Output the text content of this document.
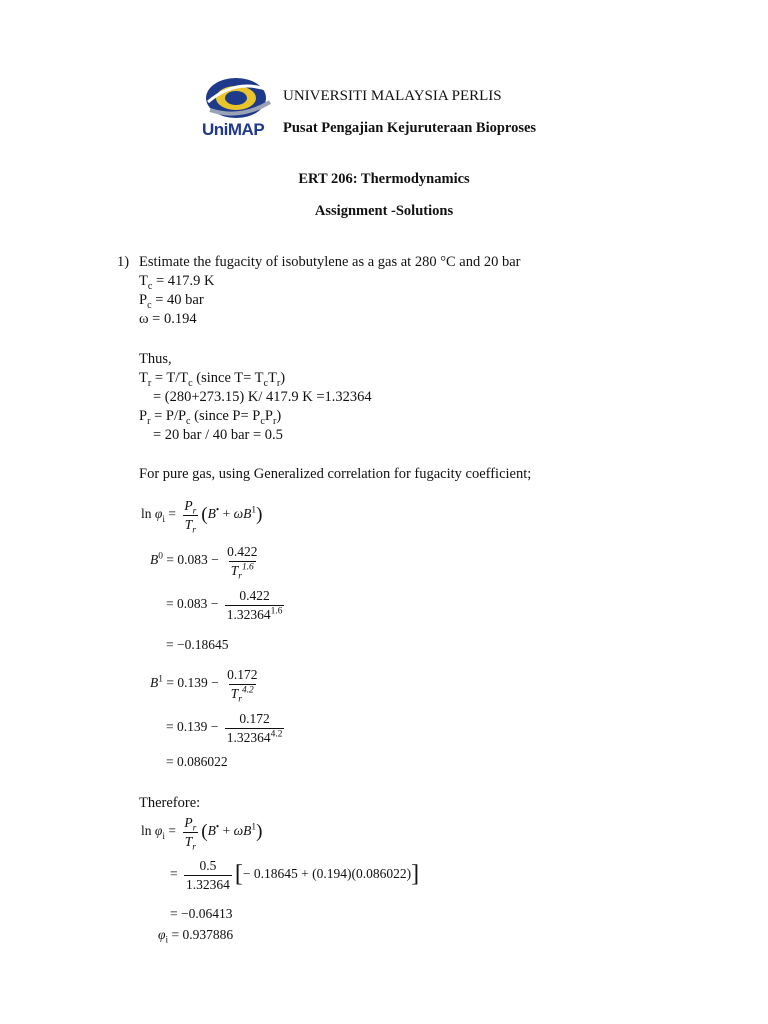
UniMAP
UNIVERSITI MALAYSIA PERLIS
Pusat Pengajian Kejuruteraan Bioproses
ERT 206: Thermodynamics
Assignment -Solutions
1) Estimate the fugacity of isobutylene as a gas at 280 °C and 20 bar
$T_c = 417.9$ K
$P_c = 40$ bar
ω = 0.194
Thus,
$T_r = T/T_c$ (since $T= T_cT_r$)
= (280+273.15) K/ 417.9 K =1.32364
$P_r = P/P_c$ (since $P= P_cP_r$)
= 20 bar / 40 bar = 0.5
For pure gas, using Generalized correlation for fugacity coefficient;
$\ln \varphi_i = \frac{P_r}{T_r} (B^• + \omega B^1)$
$B^0 = 0.083 - \frac{0.422}{T_r^{1.6}}$
= $0.083 - \frac{0.422}{1.32364^{1.6}}$
= −0.18645
$B^1 = 0.139 - \frac{0.172}{T_r^{4.2}}$
= $0.139 - \frac{0.172}{1.32364^{4.2}}$
= 0.086022
Therefore:
$\ln \varphi_i = \frac{P_r}{T_r} (B^• + \omega B^1)$
= $\frac{0.5}{1.32364}$ [− 0.18645 + (0.194)(0.086022)]
= −0.06413
$\varphi_i = 0.937886$
